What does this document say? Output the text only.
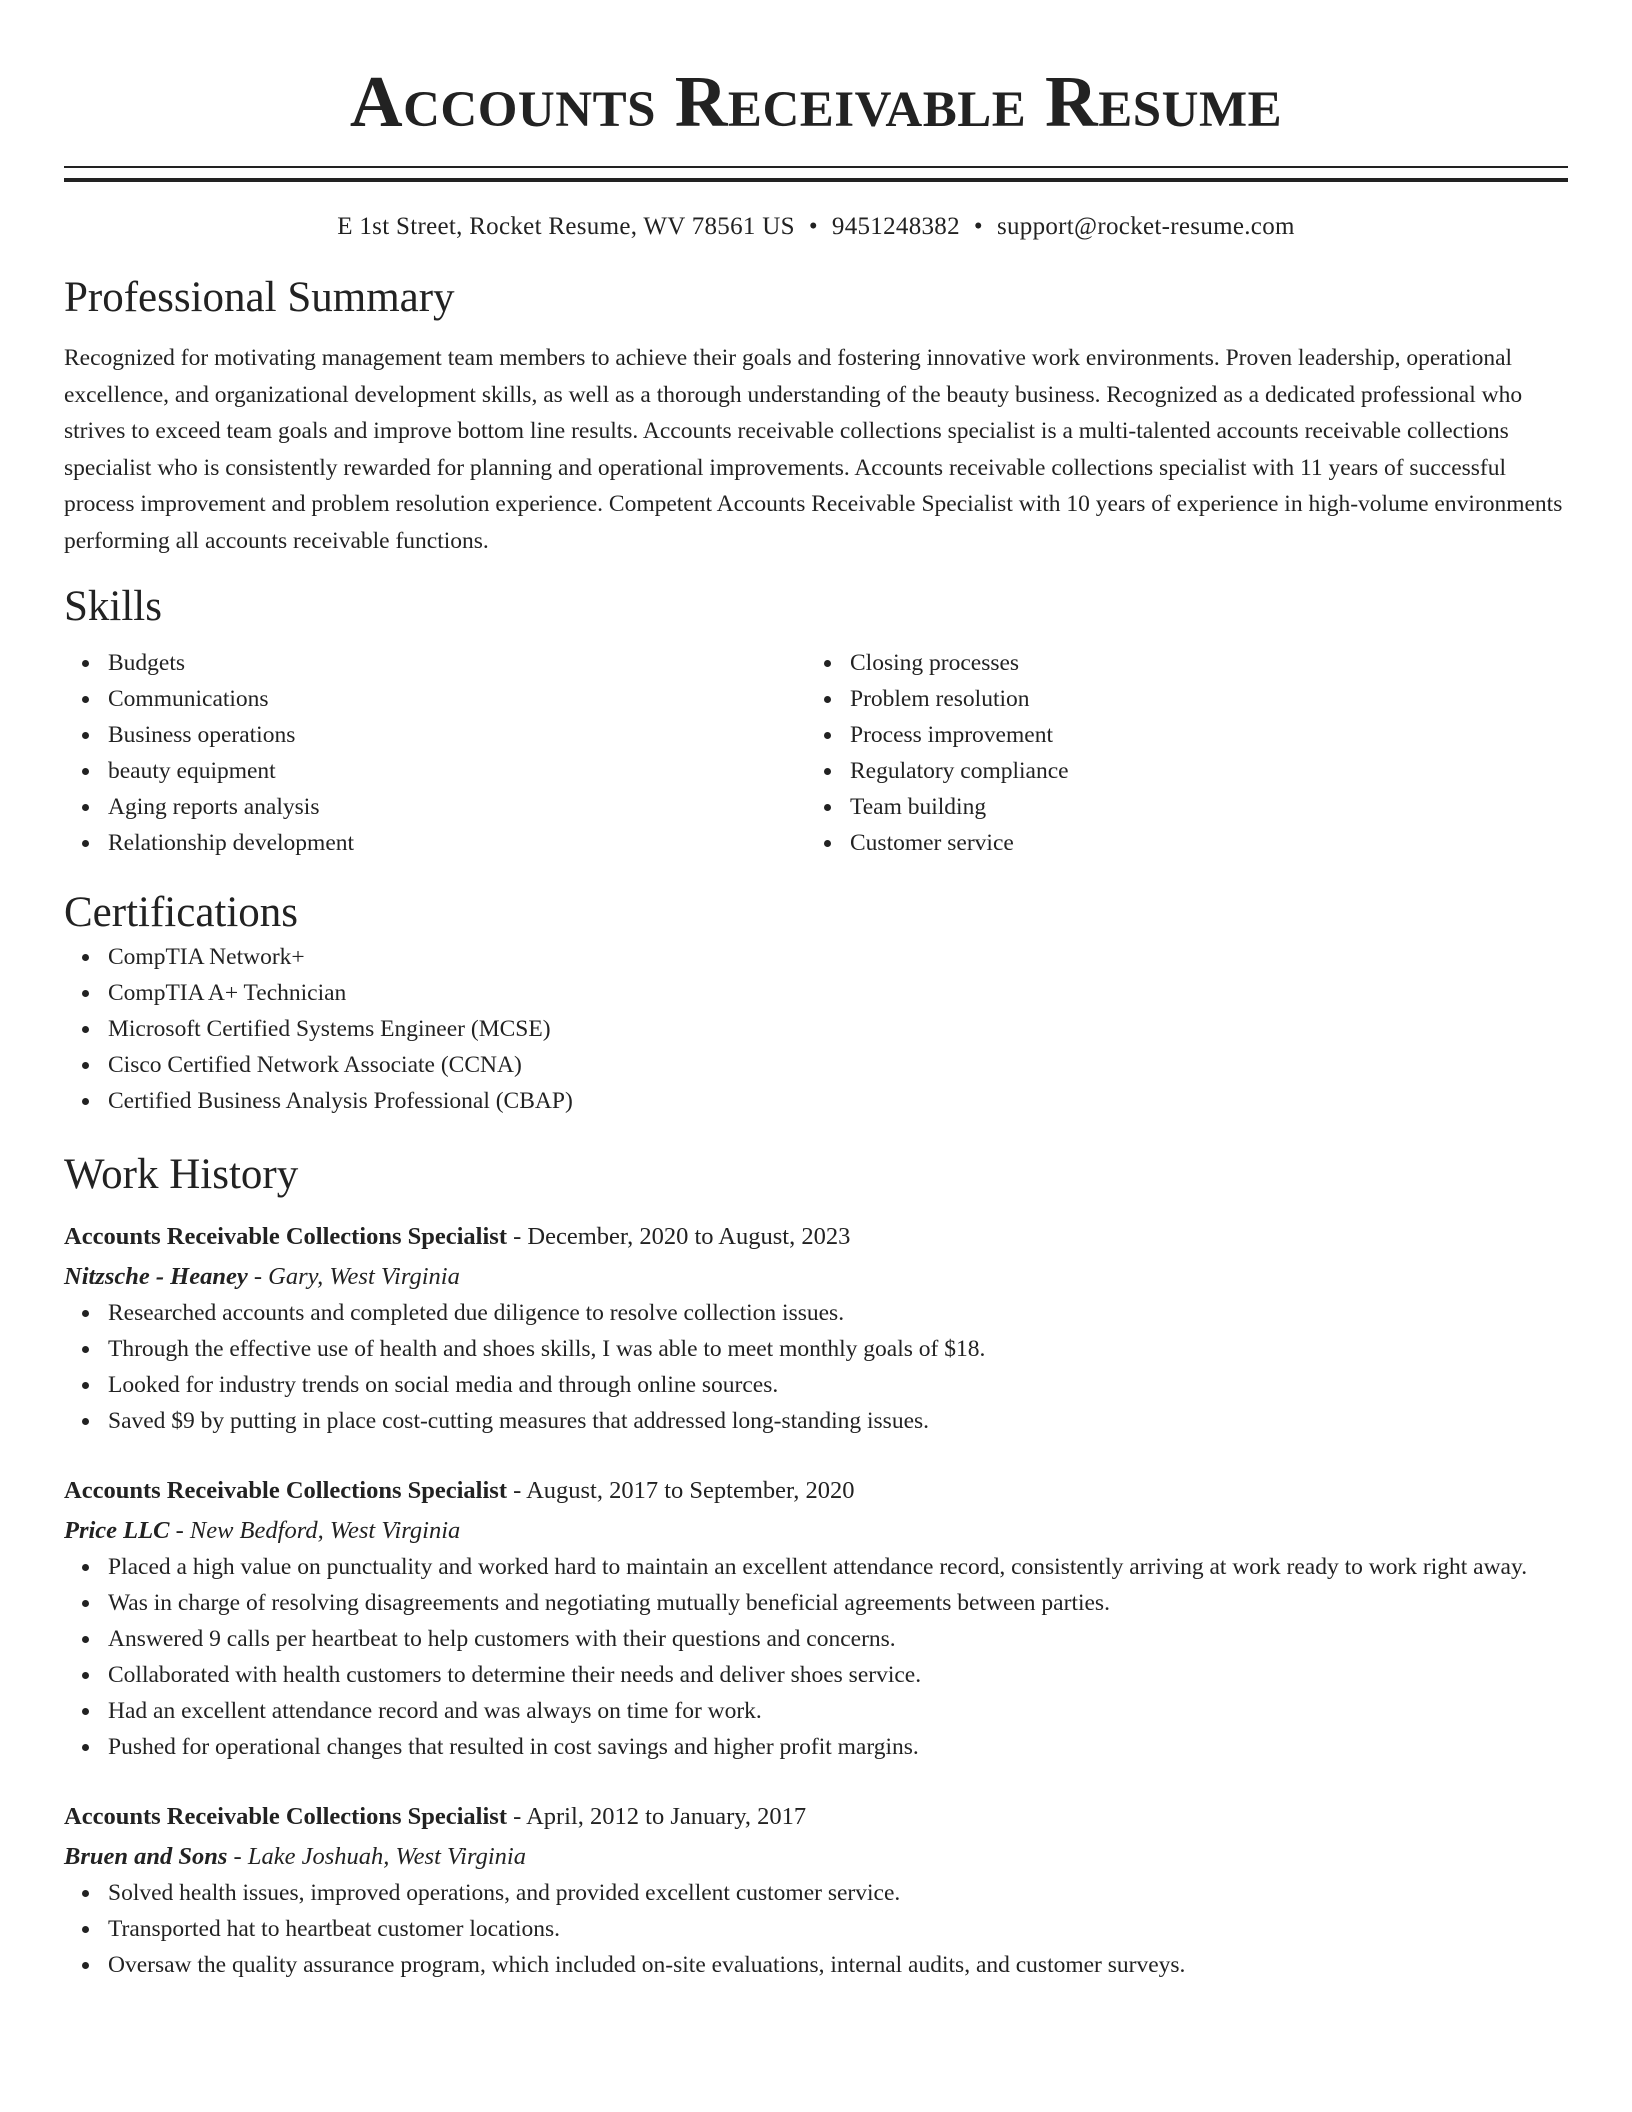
Accounts Receivable Resume
E 1st Street, Rocket Resume, WV 78561 US • 9451248382 • support@rocket-resume.com
Professional Summary

Recognized for motivating management team members to achieve their goals and fostering innovative work environments. Proven leadership, operational excellence, and organizational development skills, as well as a thorough understanding of the beauty business. Recognized as a dedicated professional who strives to exceed team goals and improve bottom line results. Accounts receivable collections specialist is a multi-talented accounts receivable collections specialist who is consistently rewarded for planning and operational improvements. Accounts receivable collections specialist with 11 years of successful process improvement and problem resolution experience. Competent Accounts Receivable Specialist with 10 years of experience in high-volume environments performing all accounts receivable functions.

Skills
Budgets
Communications
Business operations
beauty equipment
Aging reports analysis
Relationship development
Closing processes
Problem resolution
Process improvement
Regulatory compliance
Team building
Customer service
Certifications
CompTIA Network+
CompTIA A+ Technician
Microsoft Certified Systems Engineer (MCSE)
Cisco Certified Network Associate (CCNA)
Certified Business Analysis Professional (CBAP)
Work History
Accounts Receivable Collections Specialist - December, 2020 to August, 2023
Nitzsche - Heaney - Gary, West Virginia
Researched accounts and completed due diligence to resolve collection issues.
Through the effective use of health and shoes skills, I was able to meet monthly goals of $18.
Looked for industry trends on social media and through online sources.
Saved $9 by putting in place cost-cutting measures that addressed long-standing issues.
Accounts Receivable Collections Specialist - August, 2017 to September, 2020
Price LLC - New Bedford, West Virginia
Placed a high value on punctuality and worked hard to maintain an excellent attendance record, consistently arriving at work ready to work right away.
Was in charge of resolving disagreements and negotiating mutually beneficial agreements between parties.
Answered 9 calls per heartbeat to help customers with their questions and concerns.
Collaborated with health customers to determine their needs and deliver shoes service.
Had an excellent attendance record and was always on time for work.
Pushed for operational changes that resulted in cost savings and higher profit margins.
Accounts Receivable Collections Specialist - April, 2012 to January, 2017
Bruen and Sons - Lake Joshuah, West Virginia
Solved health issues, improved operations, and provided excellent customer service.
Transported hat to heartbeat customer locations.
Oversaw the quality assurance program, which included on-site evaluations, internal audits, and customer surveys.
